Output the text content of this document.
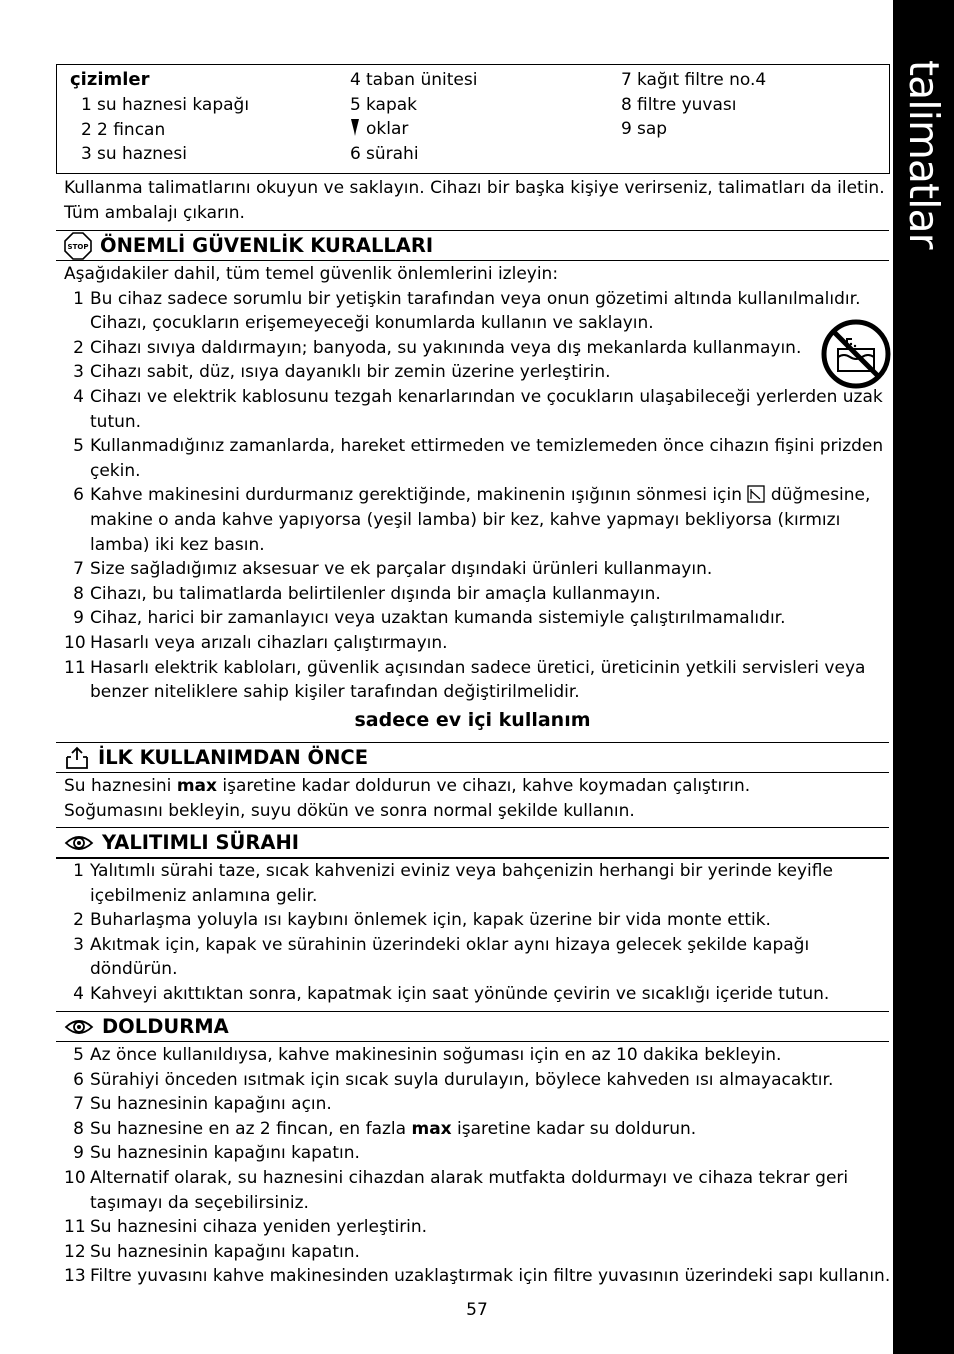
talimatlar
çizimler
1 su haznesi kapağı
2 2 fincan
3 su haznesi
4 taban ünitesi
5 kapak
oklar
6 sürahi
7 kağıt filtre no.4
8 filtre yuvası
9 sap
Kullanma talimatlarını okuyun ve saklayın. Cihazı bir başka kişiye verirseniz, talimatları da iletin.
Tüm ambalajı çıkarın.
STOP ÖNEMLİ GÜVENLİK KURALLARI
Aşağıdakiler dahil, tüm temel güvenlik önlemlerini izleyin:
1 Bu cihaz sadece sorumlu bir yetişkin tarafından veya onun gözetimi altında kullanılmalıdır.
Cihazı, çocukların erişemeyeceği konumlarda kullanın ve saklayın.
2 Cihazı sıvıya daldırmayın; banyoda, su yakınında veya dış mekanlarda kullanmayın.
3 Cihazı sabit, düz, ısıya dayanıklı bir zemin üzerine yerleştirin.
4 Cihazı ve elektrik kablosunu tezgah kenarlarından ve çocukların ulaşabileceği yerlerden uzak
tutun.
5 Kullanmadığınız zamanlarda, hareket ettirmeden ve temizlemeden önce cihazın fişini prizden
çekin.
6 Kahve makinesini durdurmanız gerektiğinde, makinenin ışığının sönmesi için düğmesine,
makine o anda kahve yapıyorsa (yeşil lamba) bir kez, kahve yapmayı bekliyorsa (kırmızı
lamba) iki kez basın.
7 Size sağladığımız aksesuar ve ek parçalar dışındaki ürünleri kullanmayın.
8 Cihazı, bu talimatlarda belirtilenler dışında bir amaçla kullanmayın.
9 Cihaz, harici bir zamanlayıcı veya uzaktan kumanda sistemiyle çalıştırılmamalıdır.
10 Hasarlı veya arızalı cihazları çalıştırmayın.
11 Hasarlı elektrik kabloları, güvenlik açısından sadece üretici, üreticinin yetkili servisleri veya
benzer niteliklere sahip kişiler tarafından değiştirilmelidir.
sadece ev içi kullanım
İLK KULLANIMDAN ÖNCE
Su haznesini max işaretine kadar doldurun ve cihazı, kahve koymadan çalıştırın.
Soğumasını bekleyin, suyu dökün ve sonra normal şekilde kullanın.
YALITIMLI SÜRAHI
1 Yalıtımlı sürahi taze, sıcak kahvenizi eviniz veya bahçenizin herhangi bir yerinde keyifle
içebilmeniz anlamına gelir.
2 Buharlaşma yoluyla ısı kaybını önlemek için, kapak üzerine bir vida monte ettik.
3 Akıtmak için, kapak ve sürahinin üzerindeki oklar aynı hizaya gelecek şekilde kapağı
döndürün.
4 Kahveyi akıttıktan sonra, kapatmak için saat yönünde çevirin ve sıcaklığı içeride tutun.
DOLDURMA
5 Az önce kullanıldıysa, kahve makinesinin soğuması için en az 10 dakika bekleyin.
6 Sürahiyi önceden ısıtmak için sıcak suyla durulayın, böylece kahveden ısı almayacaktır.
7 Su haznesinin kapağını açın.
8 Su haznesine en az 2 fincan, en fazla max işaretine kadar su doldurun.
9 Su haznesinin kapağını kapatın.
10 Alternatif olarak, su haznesini cihazdan alarak mutfakta doldurmayı ve cihaza tekrar geri
taşımayı da seçebilirsiniz.
11 Su haznesini cihaza yeniden yerleştirin.
12 Su haznesinin kapağını kapatın.
13 Filtre yuvasını kahve makinesinden uzaklaştırmak için filtre yuvasının üzerindeki sapı kullanın.
57
